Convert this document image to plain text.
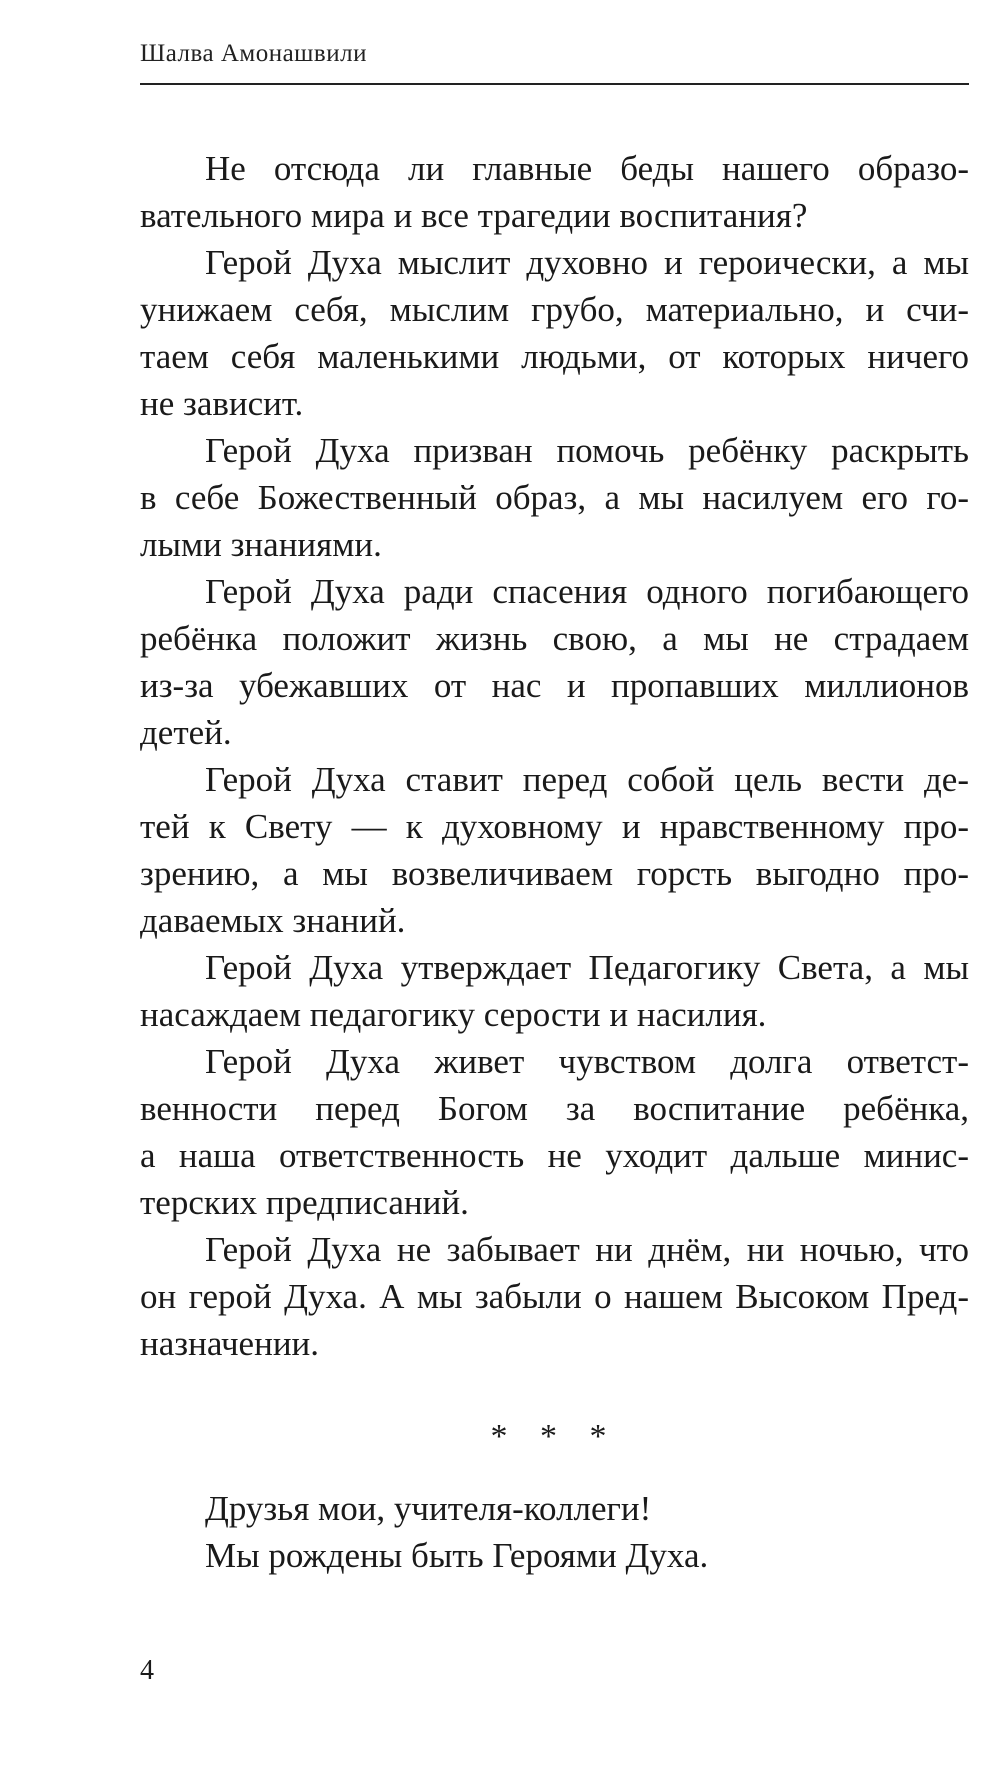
Шалва Амонашвили
Не отсюда ли главные беды нашего образо-
вательного мира и все трагедии воспитания?
Герой Духа мыслит духовно и героически, а мы
унижаем себя, мыслим грубо, материально, и счи-
таем себя маленькими людьми, от которых ничего
не зависит.
Герой Духа призван помочь ребёнку раскрыть
в себе Божественный образ, а мы насилуем его го-
лыми знаниями.
Герой Духа ради спасения одного погибающего
ребёнка положит жизнь свою, а мы не страдаем
из-за убежавших от нас и пропавших миллионов
детей.
Герой Духа ставит перед собой цель вести де-
тей к Свету — к духовному и нравственному про-
зрению, а мы возвеличиваем горсть выгодно про-
даваемых знаний.
Герой Духа утверждает Педагогику Света, а мы
насаждаем педагогику серости и насилия.
Герой Духа живет чувством долга ответст-
венности перед Богом за воспитание ребёнка,
а наша ответственность не уходит дальше минис-
терских предписаний.
Герой Духа не забывает ни днём, ни ночью, что
он герой Духа. А мы забыли о нашем Высоком Пред-
назначении.
* * *
Друзья мои, учителя-коллеги!
Мы рождены быть Героями Духа.
4
